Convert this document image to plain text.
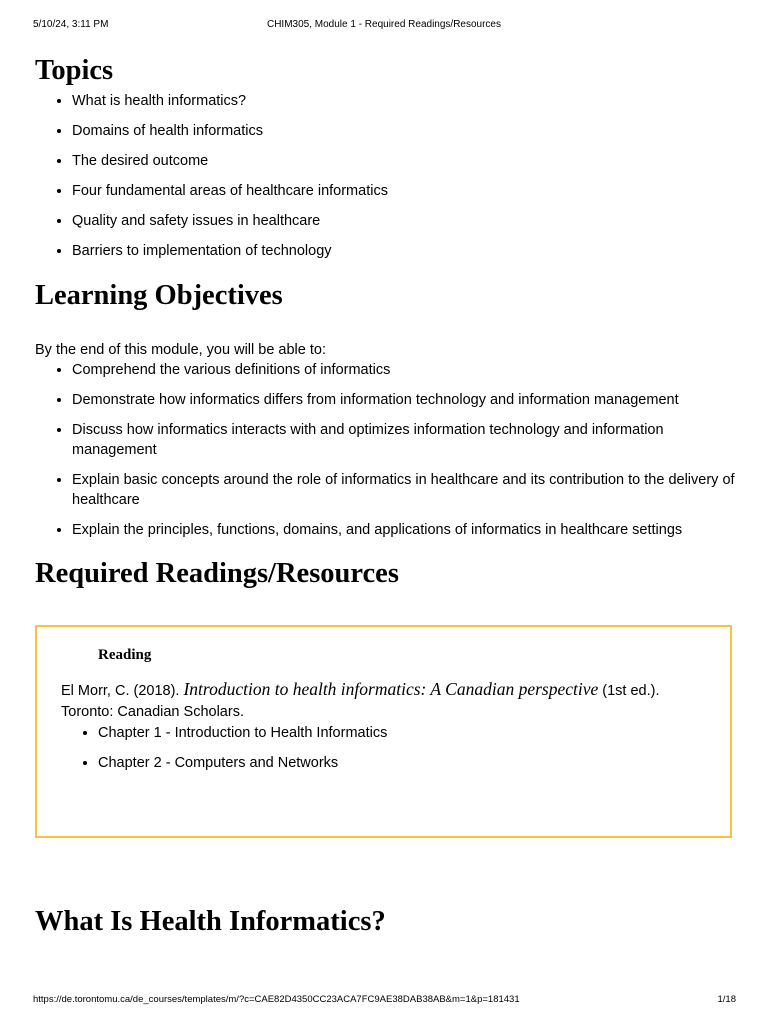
5/10/24, 3:11 PM	CHIM305, Module 1 - Required Readings/Resources
Topics
• What is health informatics?
• Domains of health informatics
• The desired outcome
• Four fundamental areas of healthcare informatics
• Quality and safety issues in healthcare
• Barriers to implementation of technology
Learning Objectives

By the end of this module, you will be able to:

• Comprehend the various definitions of informatics
• Demonstrate how informatics differs from information technology and information management
• Discuss how informatics interacts with and optimizes information technology and information management
• Explain basic concepts around the role of informatics in healthcare and its contribution to the delivery of healthcare
• Explain the principles, functions, domains, and applications of informatics in healthcare settings
Required Readings/Resources

Reading

El Morr, C. (2018). Introduction to health informatics: A Canadian perspective (1st ed.). Toronto: Canadian Scholars.

• Chapter 1 - Introduction to Health Informatics
• Chapter 2 - Computers and Networks
What Is Health Informatics?
https://de.torontomu.ca/de_courses/templates/m/?c=CAE82D4350CC23ACA7FC9AE38DAB38AB&m=1&p=181431	1/18
